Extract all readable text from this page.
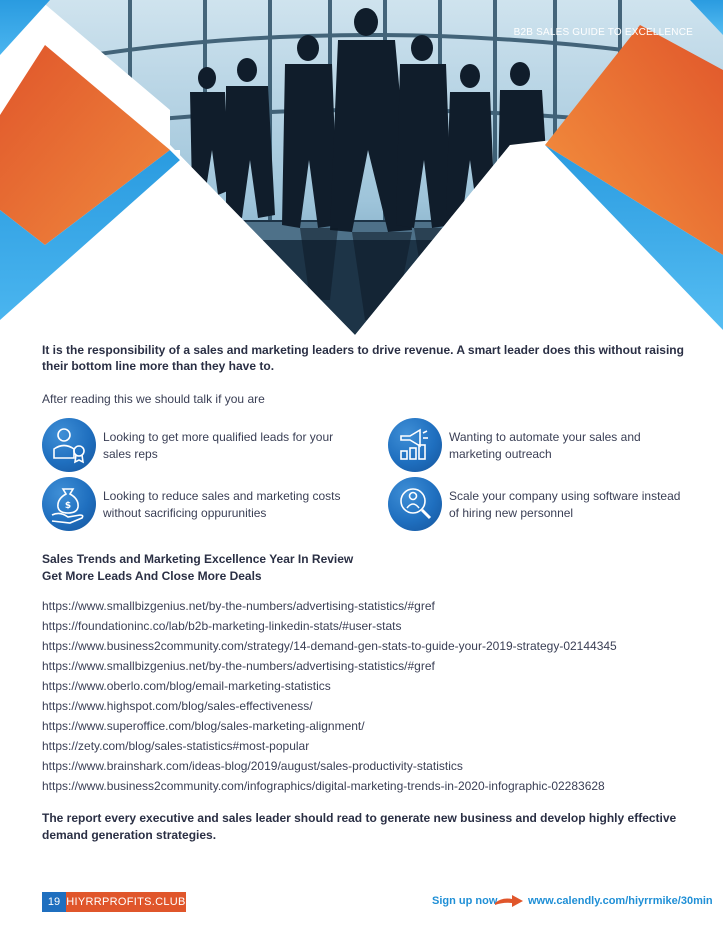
B2B SALES GUIDE TO EXCELLENCE

It is the responsibility of a sales and marketing leaders to drive revenue. A smart leader does this without raising their bottom line more than they have to.

After reading this we should talk if you are

Looking to get more qualified leads for your sales reps
Wanting to automate your sales and marketing outreach
$
Looking to reduce sales and marketing costs without sacrificing oppurunities
Scale your company using software instead of hiring new personnel
Sales Trends and Marketing Excellence Year In Review
Get More Leads And Close More Deals
https://www.smallbizgenius.net/by-the-numbers/advertising-statistics/#gref
https://foundationinc.co/lab/b2b-marketing-linkedin-stats/#user-stats
https://www.business2community.com/strategy/14-demand-gen-stats-to-guide-your-2019-strategy-02144345
https://www.smallbizgenius.net/by-the-numbers/advertising-statistics/#gref
https://www.oberlo.com/blog/email-marketing-statistics
https://www.highspot.com/blog/sales-effectiveness/
https://www.superoffice.com/blog/sales-marketing-alignment/
https://zety.com/blog/sales-statistics#most-popular
https://www.brainshark.com/ideas-blog/2019/august/sales-productivity-statistics
https://www.business2community.com/infographics/digital-marketing-trends-in-2020-infographic-02283628

The report every executive and sales leader should read to generate new business and develop highly effective demand generation strategies.

19 HIYRRPROFITS.CLUB	Sign up now	www.calendly.com/hiyrrmike/30min
